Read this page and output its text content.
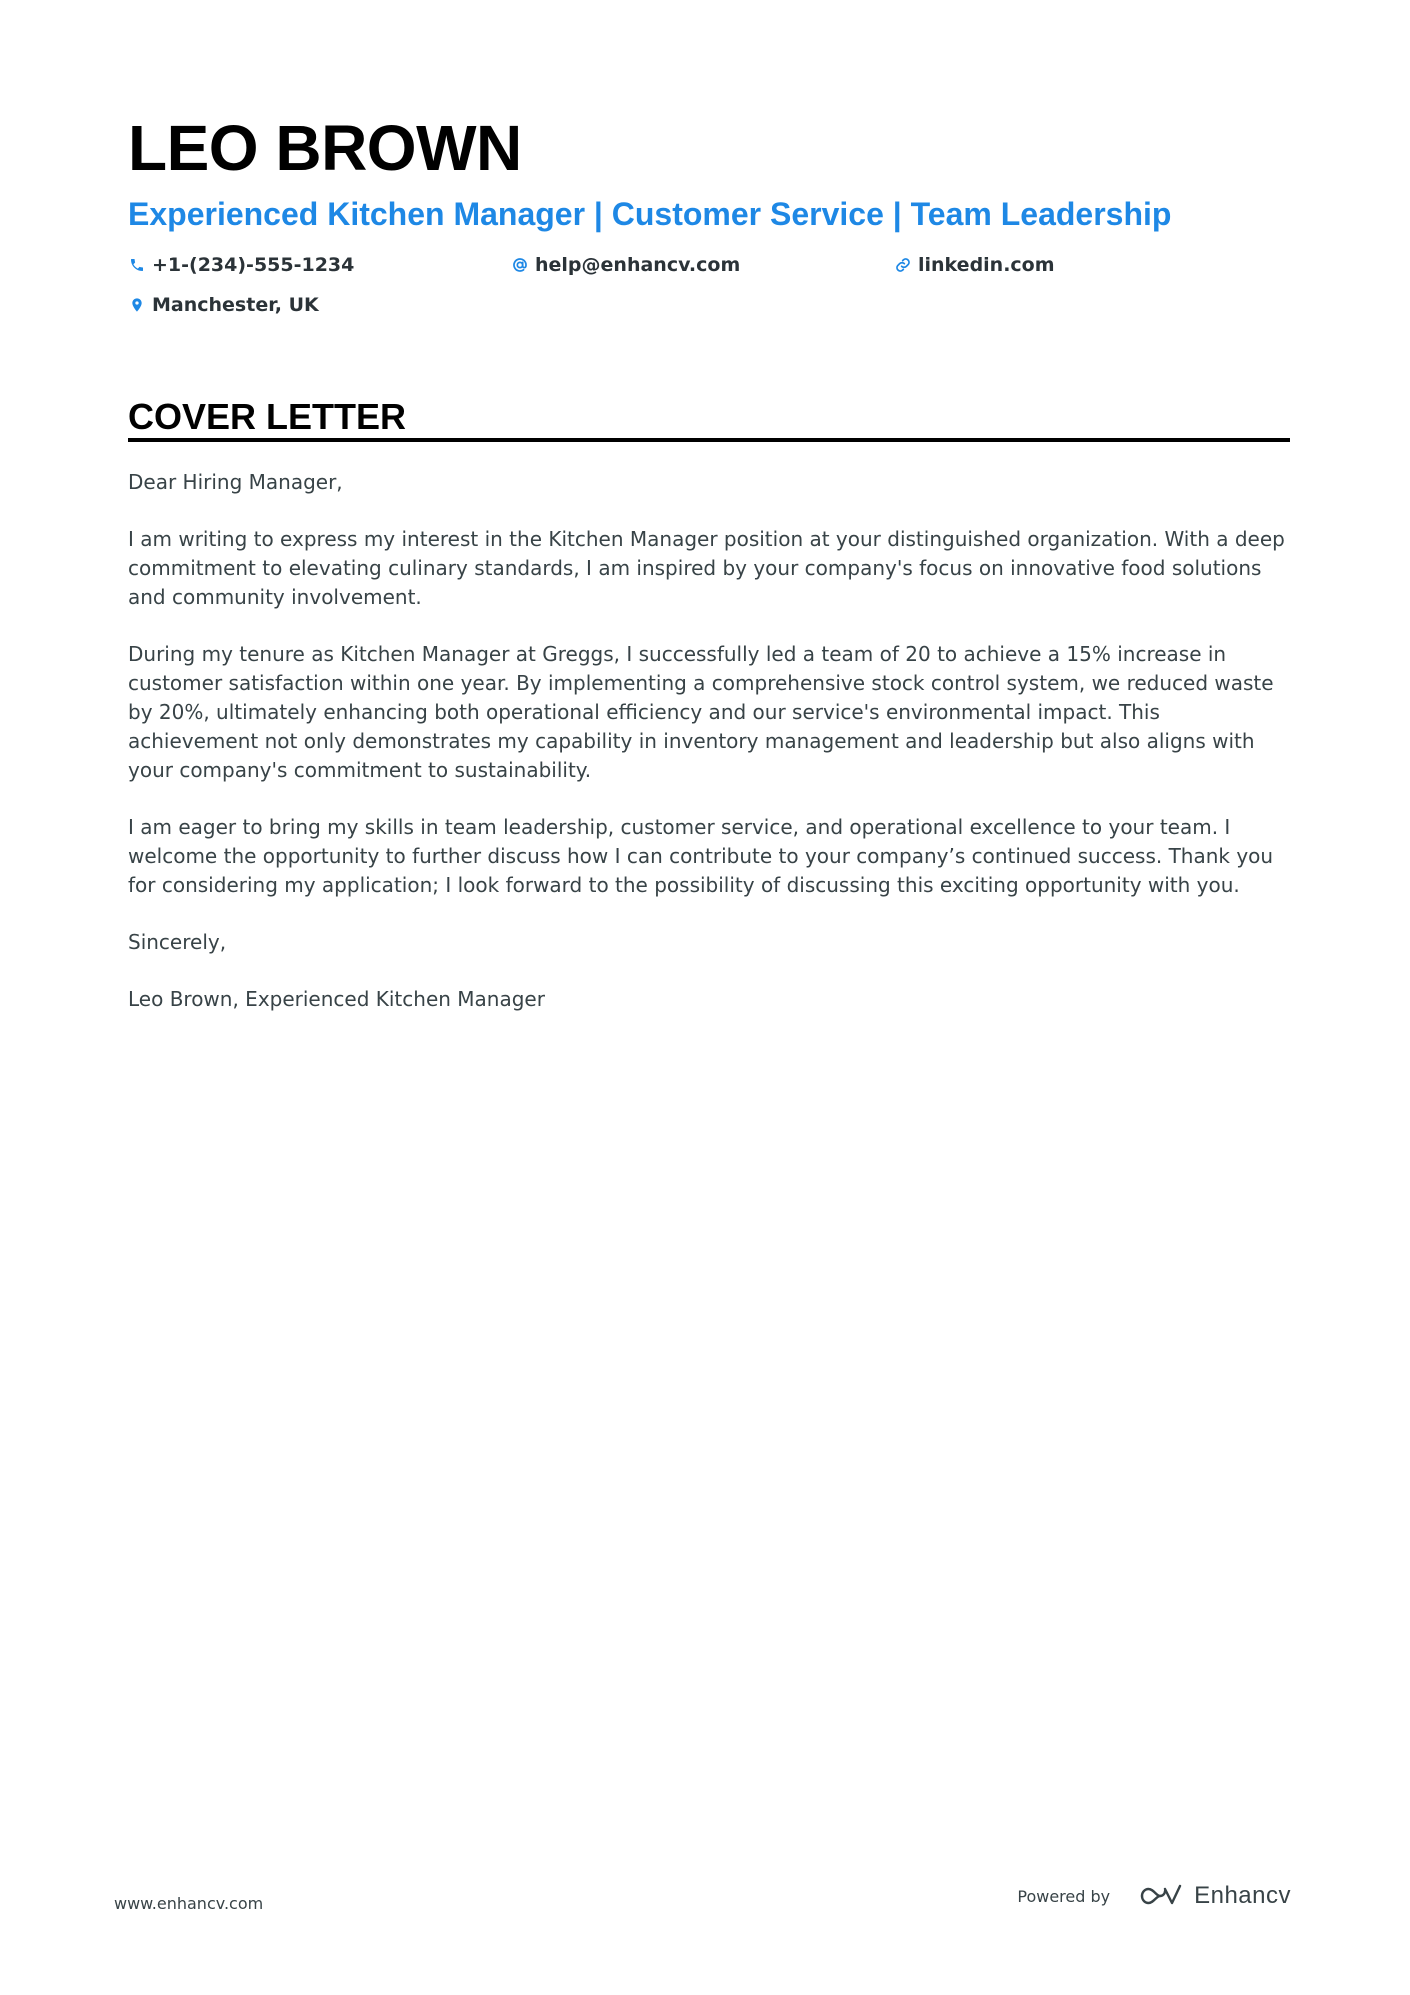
LEO BROWN
Experienced Kitchen Manager | Customer Service | Team Leadership
+1-(234)-555-1234	help@enhancv.com	linkedin.com
Manchester, UK
COVER LETTER

Dear Hiring Manager,

I am writing to express my interest in the Kitchen Manager position at your distinguished organization. With a deep commitment to elevating culinary standards, I am inspired by your company's focus on innovative food solutions and community involvement.

During my tenure as Kitchen Manager at Greggs, I successfully led a team of 20 to achieve a 15% increase in customer satisfaction within one year. By implementing a comprehensive stock control system, we reduced waste by 20%, ultimately enhancing both operational efficiency and our service's environmental impact. This achievement not only demonstrates my capability in inventory management and leadership but also aligns with your company's commitment to sustainability.

I am eager to bring my skills in team leadership, customer service, and operational excellence to your team. I welcome the opportunity to further discuss how I can contribute to your company’s continued success. Thank you for considering my application; I look forward to the possibility of discussing this exciting opportunity with you.

Sincerely,

Leo Brown, Experienced Kitchen Manager

www.enhancv.com	Powered by	Enhancv
